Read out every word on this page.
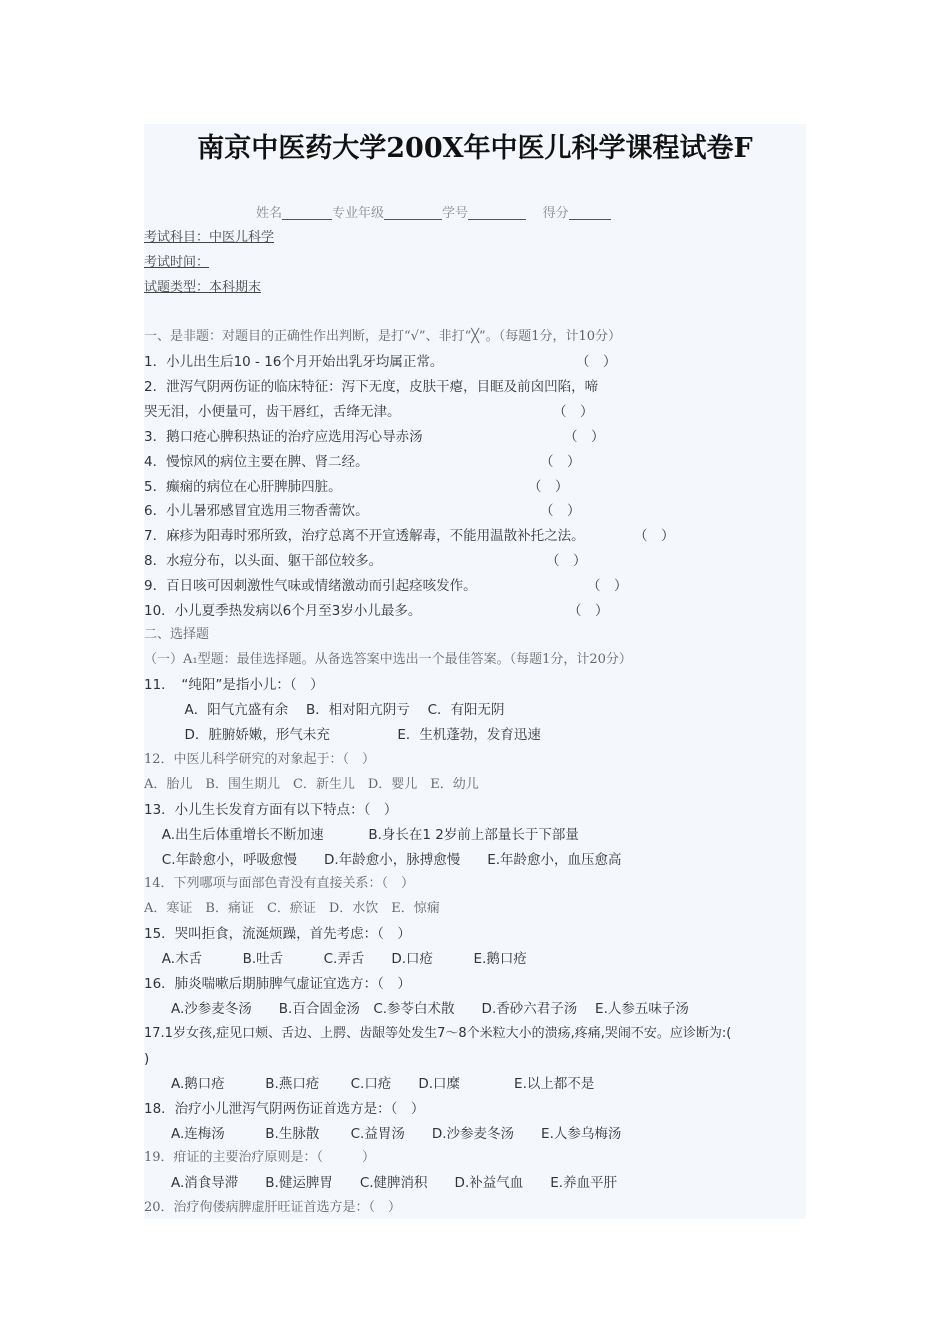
南京中医药大学200X年中医儿科学课程试卷F
姓名	专业年级	学号	得分
考试科目：中医儿科学
考试时间：
试题类型：本科期末
一、是非题：对题目的正确性作出判断，是打“√”、非打“╳”。（每题1分，计10分）
1．小儿出生后10 - 16个月开始出乳牙均属正常。	（　）
2．泄泻气阴两伤证的临床特征：泻下无度，皮肤干瘪，目眶及前囟凹陷，啼
哭无泪，小便量可，齿干唇红，舌绛无津。	（　）
3．鹅口疮心脾积热证的治疗应选用泻心导赤汤	（　）
4．慢惊风的病位主要在脾、肾二经。	（　）
5．癫痫的病位在心肝脾肺四脏。	（　）
6．小儿暑邪感冒宜选用三物香薷饮。	（　）
7．麻疹为阳毒时邪所致，治疗总离不开宣透解毒，不能用温散补托之法。	（　）
8．水痘分布，以头面、躯干部位较多。	（　）
9．百日咳可因刺激性气味或情绪激动而引起痉咳发作。	（　）
10．小儿夏季热发病以6个月至3岁小儿最多。	（　）
二、选择题
（一）A₁型题：最佳选择题。从备选答案中选出一个最佳答案。（每题1分，计20分）
11．　“纯阳”是指小儿：（　）
　　　A．阳气亢盛有余　 B．相对阳亢阴亏　 C．有阳无阴
　　　D．脏腑娇嫩，形气未充　　　　　E．生机蓬勃，发育迅速
12．中医儿科学研究的对象起于：（　）
A．胎儿　B．围生期儿　C．新生儿　D．婴儿　E．幼儿
13．小儿生长发育方面有以下特点：（　）
　 A.出生后体重增长不断加速　　　 B.身长在1 2岁前上部量长于下部量
　 C.年龄愈小，呼吸愈慢　　D.年龄愈小，脉搏愈慢　　E.年龄愈小，血压愈高
14．下列哪项与面部色青没有直接关系：（　）
A．寒证　B．痛证　C．瘀证　D．水饮　E．惊痫
15．哭叫拒食，流涎烦躁，首先考虑：（　）
　 A.木舌　　　B.吐舌　　　C.弄舌　　D.口疮　　　E.鹅口疮
16．肺炎喘嗽后期肺脾气虚证宜选方：（　）
　　A.沙参麦冬汤　　B.百合固金汤　C.参苓白术散　　D.香砂六君子汤　 E.人参五味子汤
17.1岁女孩,症见口颊、舌边、上腭、齿龈等处发生7～8个米粒大小的溃疡,疼痛,哭闹不安。应诊断为:(
)
　　A.鹅口疮　　　B.燕口疮　　 C.口疮　　D.口糜　　　　E.以上都不是
18．治疗小儿泄泻气阴两伤证首选方是：（　）
　　A.连梅汤　　　B.生脉散　　 C.益胃汤　　D.沙参麦冬汤　　E.人参乌梅汤
19．疳证的主要治疗原则是：（　　　）
　　A.消食导滞　　B.健运脾胃　　C.健脾消积　　D.补益气血　　E.养血平肝
20．治疗佝偻病脾虚肝旺证首选方是：（　）
